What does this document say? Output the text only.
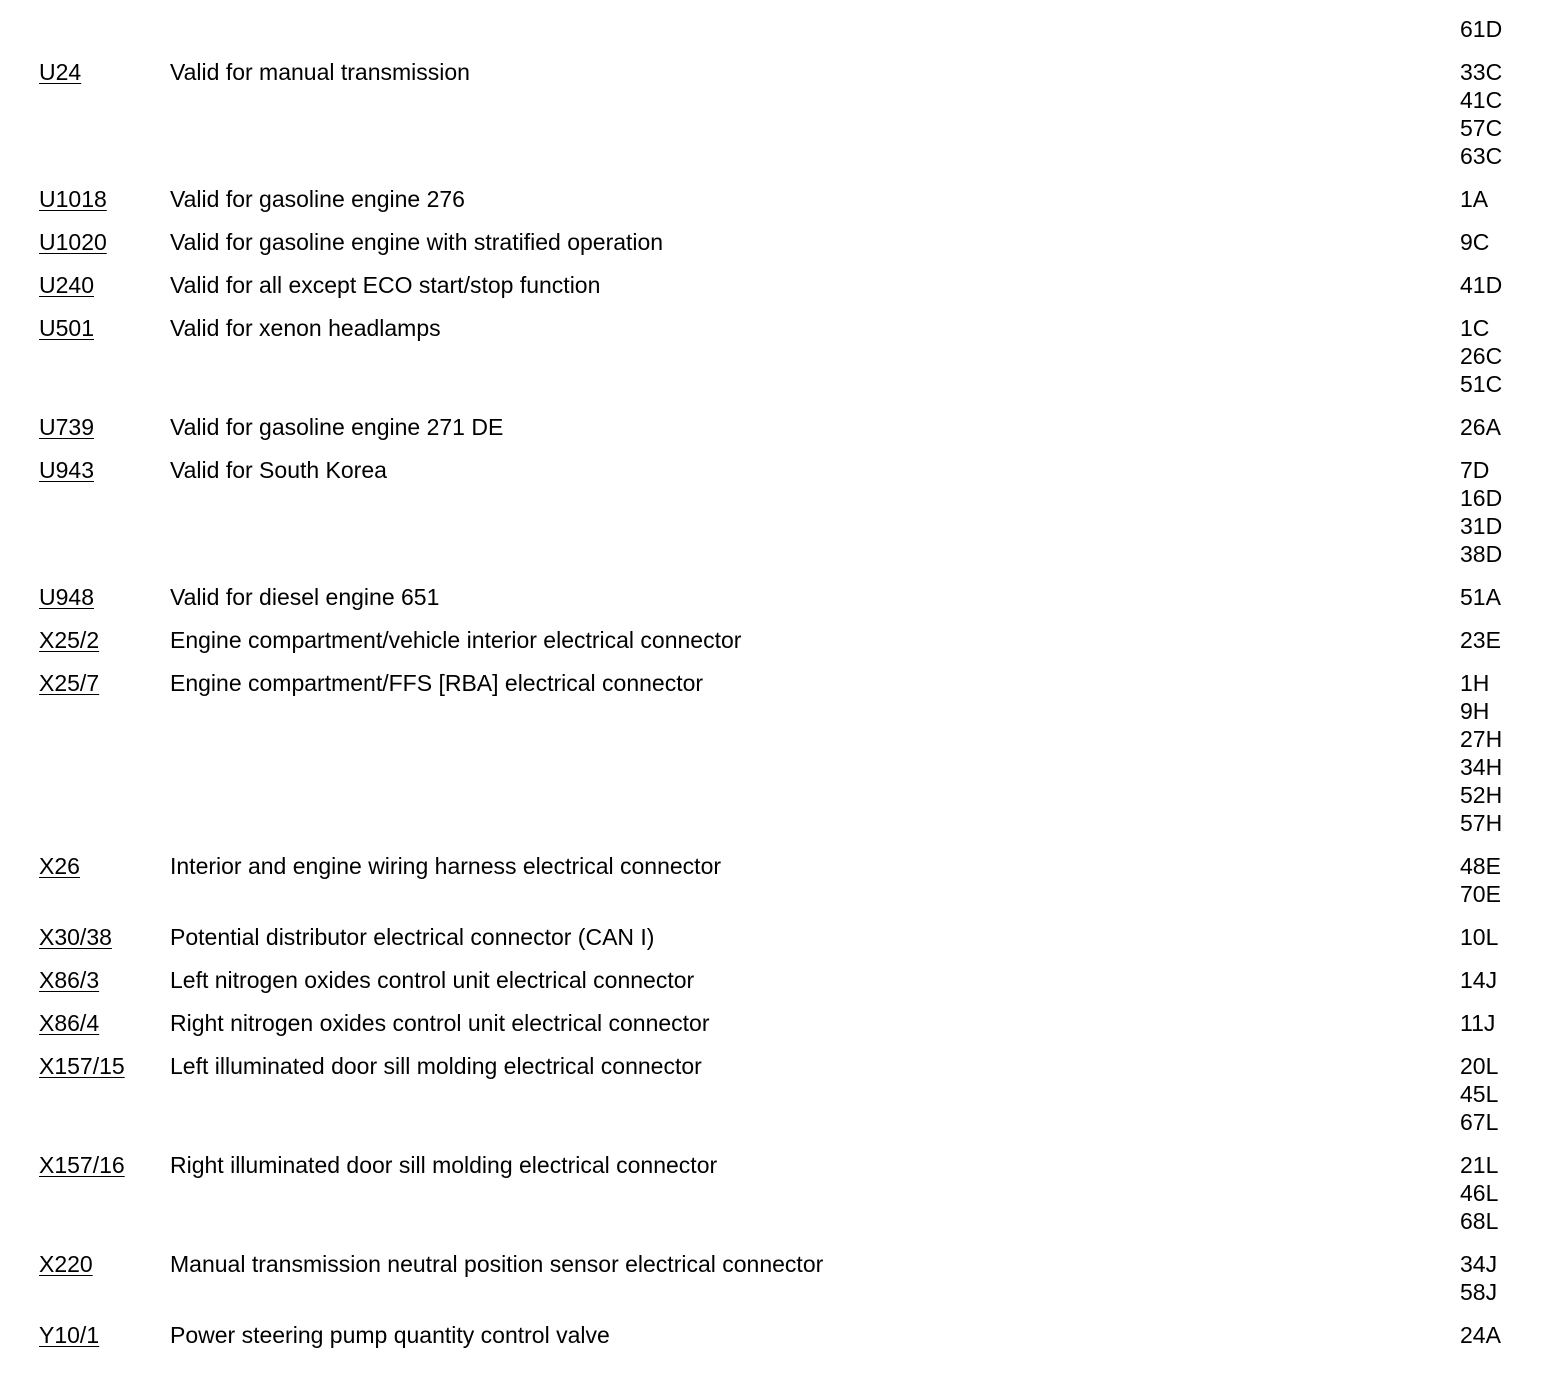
61D
U24	Valid for manual transmission	33C
41C
57C
63C
U1018	Valid for gasoline engine 276	1A
U1020	Valid for gasoline engine with stratified operation	9C
U240	Valid for all except ECO start/stop function	41D
U501	Valid for xenon headlamps	1C
26C
51C
U739	Valid for gasoline engine 271 DE	26A
U943	Valid for South Korea	7D
16D
31D
38D
U948	Valid for diesel engine 651	51A
X25/2	Engine compartment/vehicle interior electrical connector	23E
X25/7	Engine compartment/FFS [RBA] electrical connector	1H
9H
27H
34H
52H
57H
X26	Interior and engine wiring harness electrical connector	48E
70E
X30/38	Potential distributor electrical connector (CAN I)	10L
X86/3	Left nitrogen oxides control unit electrical connector	14J
X86/4	Right nitrogen oxides control unit electrical connector	11J
X157/15 Left illuminated door sill molding electrical connector	20L
45L
67L
X157/16 Right illuminated door sill molding electrical connector	21L
46L
68L
X220	Manual transmission neutral position sensor electrical connector	34J
58J
Y10/1	Power steering pump quantity control valve	24A
